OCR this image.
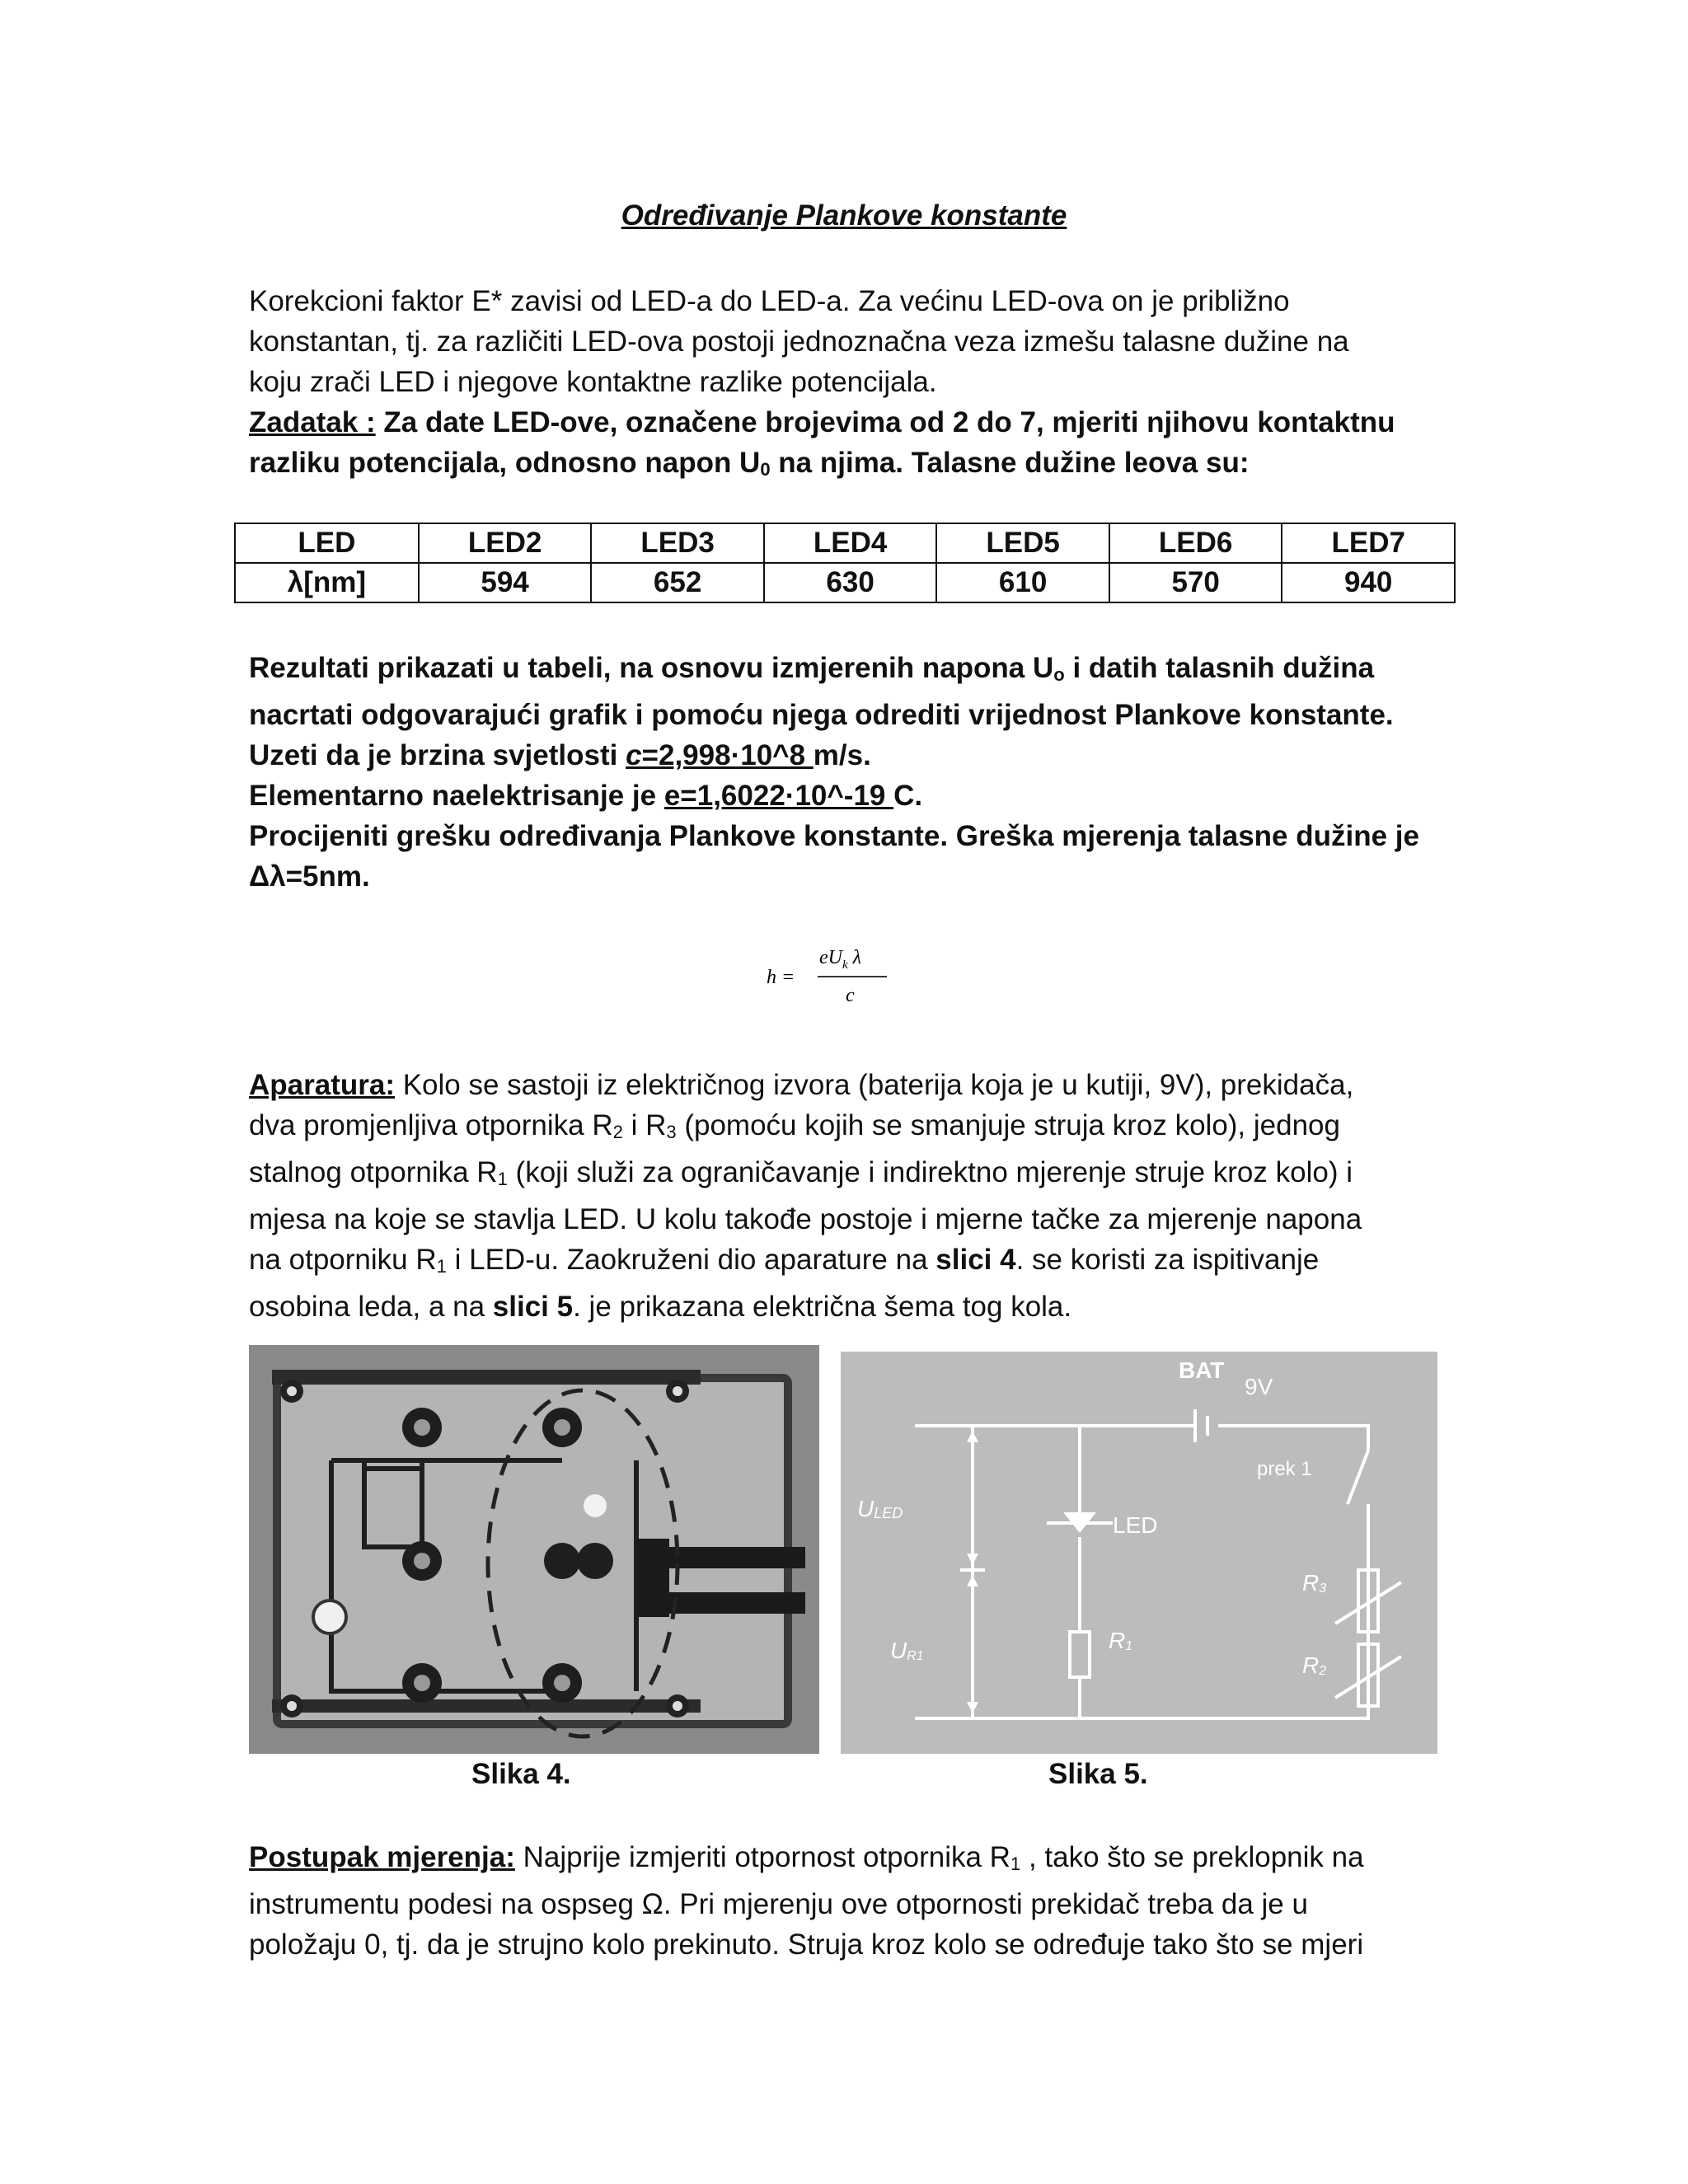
Određivanje Plankove konstante
Korekcioni faktor E* zavisi od LED-a do LED-a. Za većinu LED-ova on je približno
konstantan, tj. za različiti LED-ova postoji jednoznačna veza izmešu talasne dužine na
koju zrači LED i njegove kontaktne razlike potencijala.
Zadatak : Za date LED-ove, označene brojevima od 2 do 7, mjeriti njihovu kontaktnu
razliku potencijala, odnosno napon $U_0$ na njima. Talasne dužine leova su:
LED	LED2	LED3	LED4	LED5	LED6	LED7
λ[nm]	594	652	630	610	570	940
Rezultati prikazati u tabeli, na osnovu izmjerenih napona $U_o$ i datih talasnih dužina
nacrtati odgovarajući grafik i pomoću njega odrediti vrijednost Plankove konstante.
Uzeti da je brzina svjetlosti c=2,998·10^8 m/s.
Elementarno naelektrisanje je e=1,6022·10^-19 C.
Procijeniti grešku određivanja Plankove konstante. Greška mjerenja talasne dužine je
Δλ=5nm.
h =
$eU_k$ λ
c
Aparatura: Kolo se sastoji iz električnog izvora (baterija koja je u kutiji, 9V), prekidača,
dva promjenljiva otpornika $R_2$ i $R_3$ (pomoću kojih se smanjuje struja kroz kolo), jednog
stalnog otpornika $R_1$ (koji služi za ograničavanje i indirektno mjerenje struje kroz kolo) i
mjesa na koje se stavlja LED. U kolu takođe postoje i mjerne tačke za mjerenje napona
na otporniku $R_1$ i LED-u. Zaokruženi dio aparature na slici 4. se koristi za ispitivanje
osobina leda, a na slici 5. je prikazana električna šema tog kola.
BAT
9V
prek 1
LED
ULED
UR1
R1
R3
R2
Slika 4.	Slika 5.
Postupak mjerenja: Najprije izmjeriti otpornost otpornika $R_1$ , tako što se preklopnik na
instrumentu podesi na ospseg Ω. Pri mjerenju ove otpornosti prekidač treba da je u
položaju 0, tj. da je strujno kolo prekinuto. Struja kroz kolo se određuje tako što se mjeri
